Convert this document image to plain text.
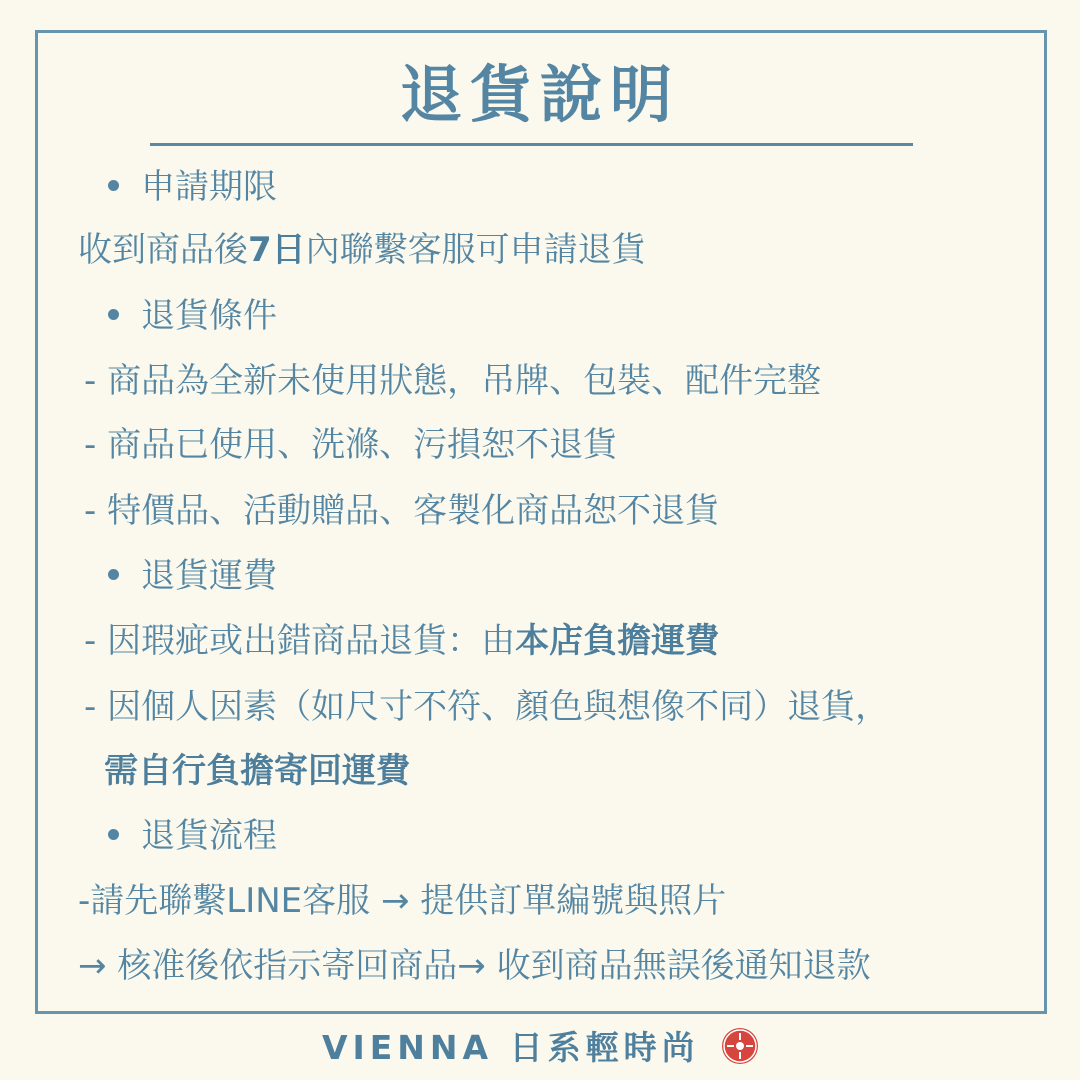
退貨說明
申請期限
收到商品後7日內聯繫客服可申請退貨
退貨條件
- 商品為全新未使用狀態，吊牌、包裝、配件完整
- 商品已使用、洗滌、污損恕不退貨
- 特價品、活動贈品、客製化商品恕不退貨
退貨運費
- 因瑕疵或出錯商品退貨：由本店負擔運費
- 因個人因素（如尺寸不符、顏色與想像不同）退貨，
需自行負擔寄回運費
退貨流程
-請先聯繫LINE客服 → 提供訂單編號與照片
→ 核准後依指示寄回商品→ 收到商品無誤後通知退款
VIENNA 日系輕時尚
